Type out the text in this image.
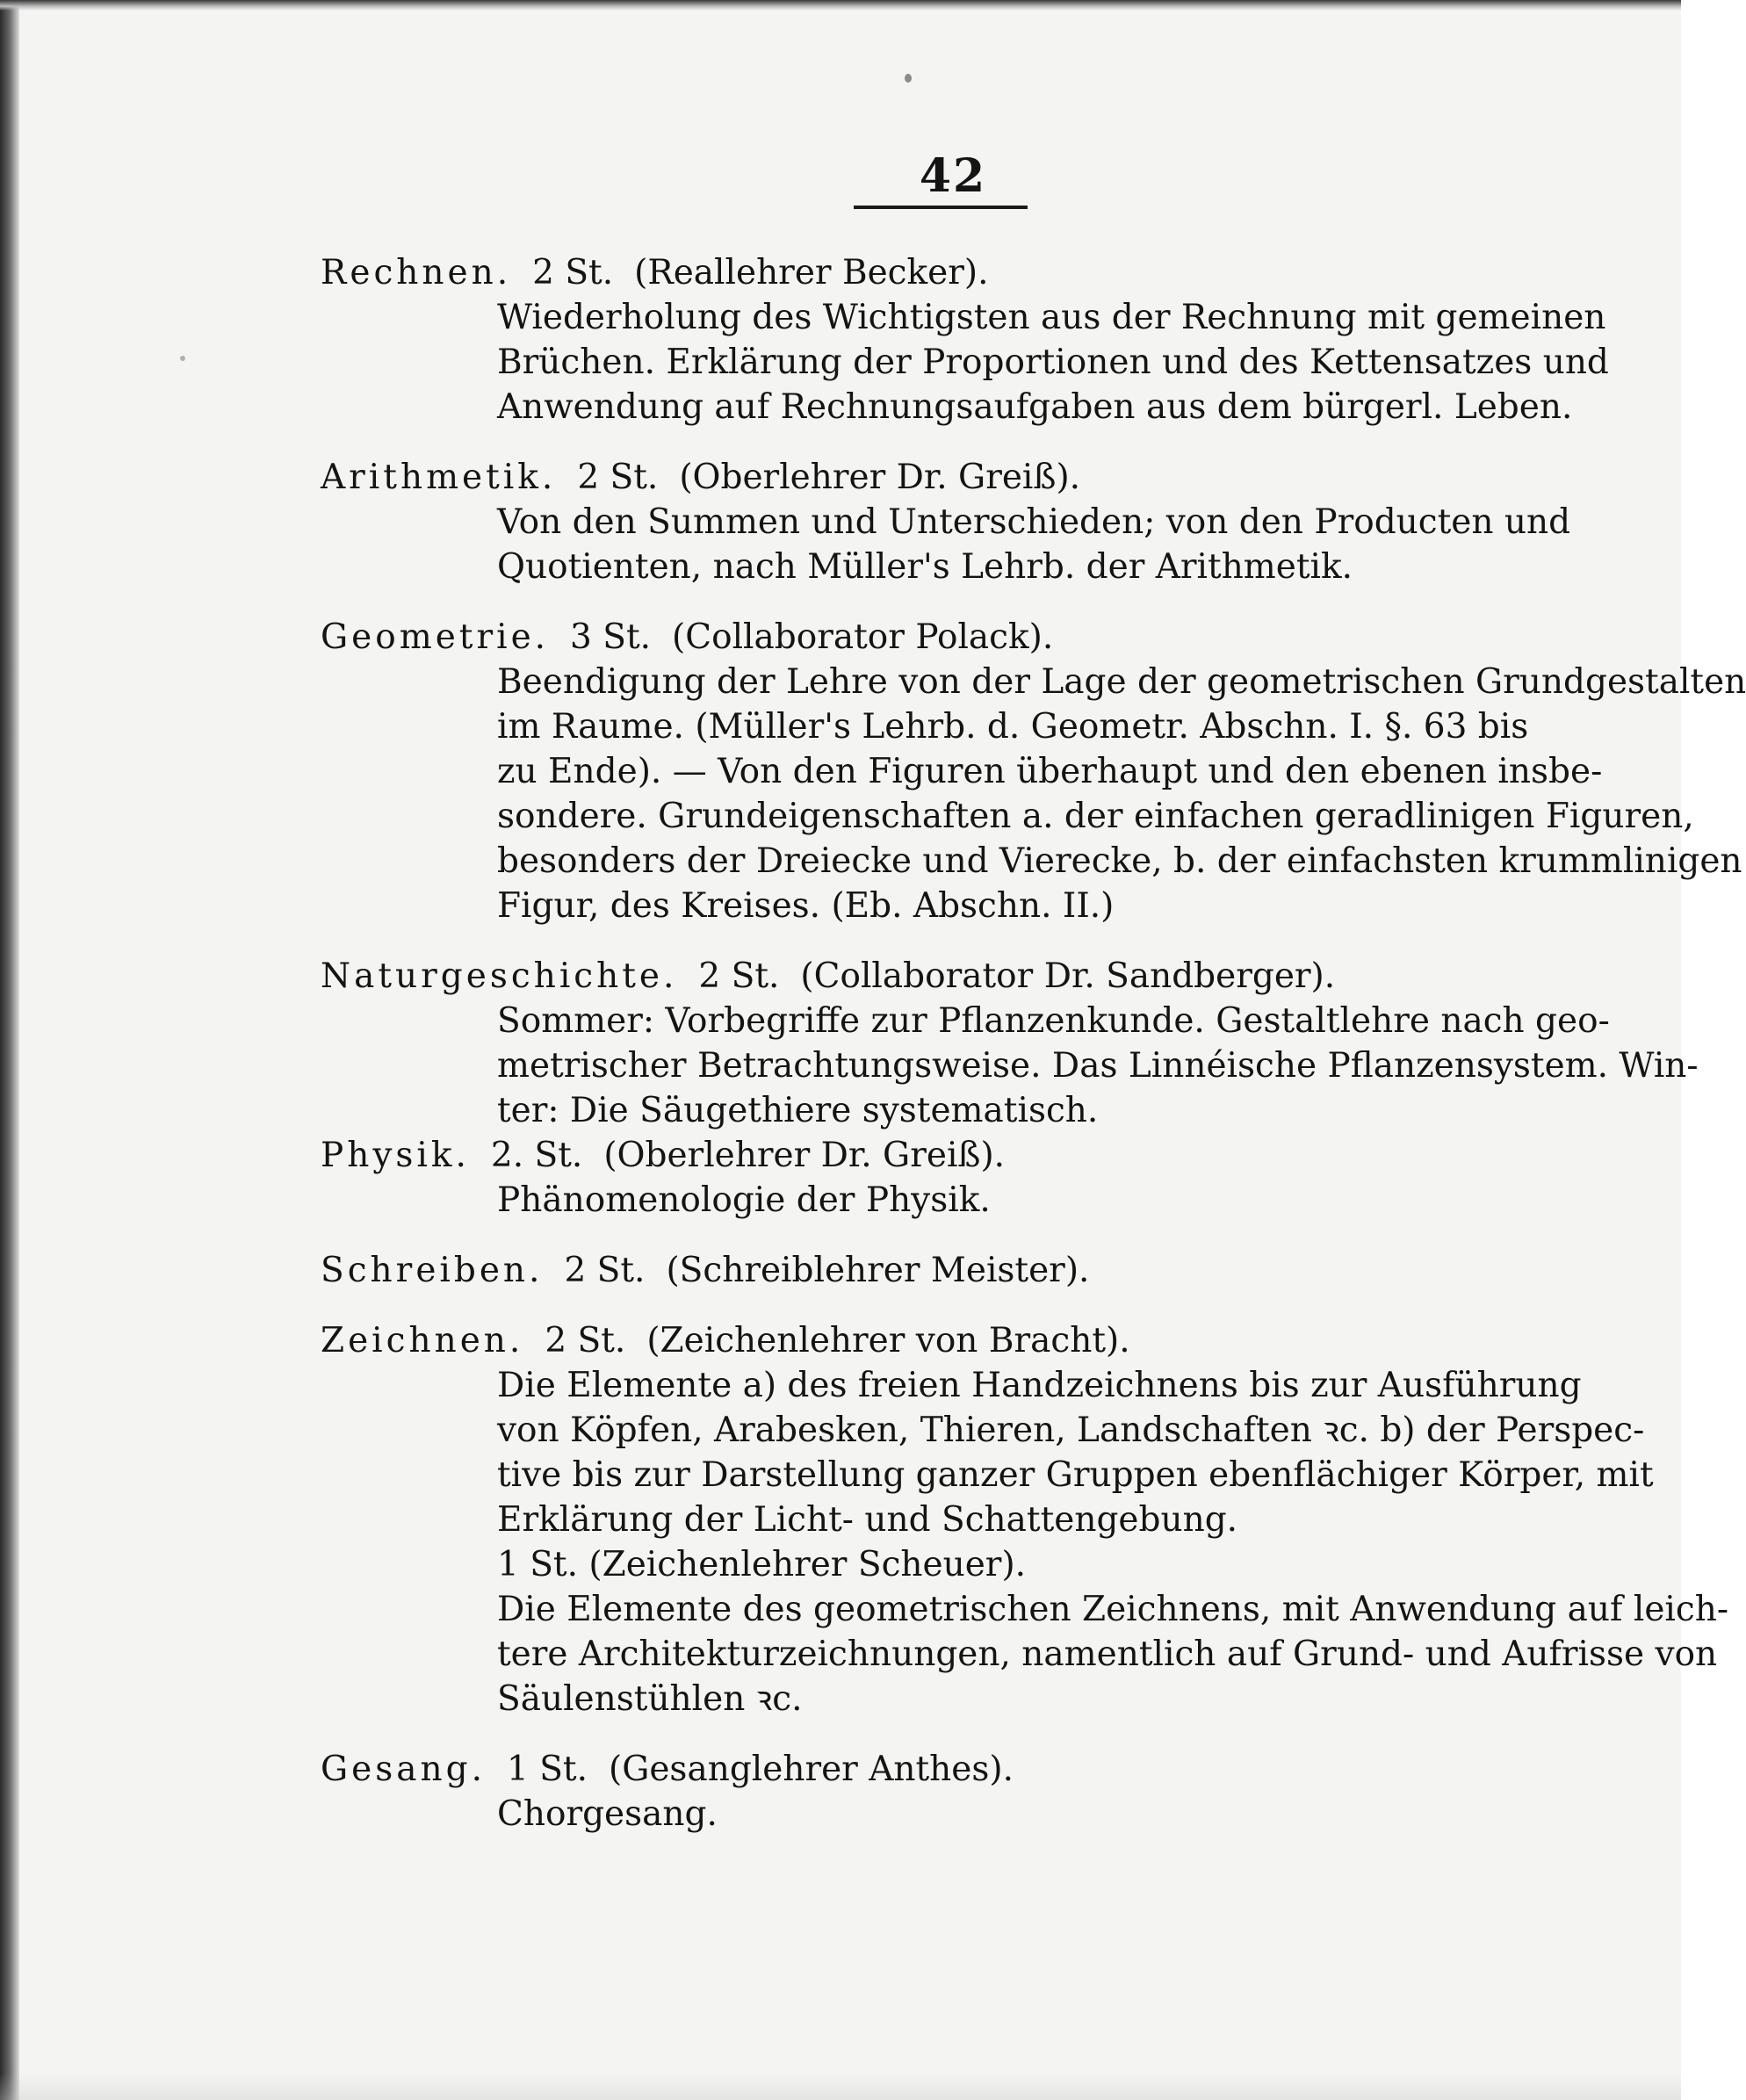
42
Rechnen. 2 St. (Reallehrer Becker).
Wiederholung des Wichtigsten aus der Rechnung mit gemeinen
Brüchen. Erklärung der Proportionen und des Kettensatzes und
Anwendung auf Rechnungsaufgaben aus dem bürgerl. Leben.
Arithmetik. 2 St. (Oberlehrer Dr. Greiß).
Von den Summen und Unterschieden; von den Producten und
Quotienten, nach Müller's Lehrb. der Arithmetik.
Geometrie. 3 St. (Collaborator Polack).
Beendigung der Lehre von der Lage der geometrischen Grundgestalten
im Raume. (Müller's Lehrb. d. Geometr. Abschn. I. §. 63 bis
zu Ende). — Von den Figuren überhaupt und den ebenen insbe-
sondere. Grundeigenschaften a. der einfachen geradlinigen Figuren,
besonders der Dreiecke und Vierecke, b. der einfachsten krummlinigen
Figur, des Kreises. (Eb. Abschn. II.)
Naturgeschichte. 2 St. (Collaborator Dr. Sandberger).
Sommer: Vorbegriffe zur Pflanzenkunde. Gestaltlehre nach geo-
metrischer Betrachtungsweise. Das Linnéische Pflanzensystem. Win-
ter: Die Säugethiere systematisch.
Physik. 2. St. (Oberlehrer Dr. Greiß).
Phänomenologie der Physik.
Schreiben. 2 St. (Schreiblehrer Meister).
Zeichnen. 2 St. (Zeichenlehrer von Bracht).
Die Elemente a) des freien Handzeichnens bis zur Ausführung
von Köpfen, Arabesken, Thieren, Landschaften ꝛc. b) der Perspec-
tive bis zur Darstellung ganzer Gruppen ebenflächiger Körper, mit
Erklärung der Licht- und Schattengebung.
1 St. (Zeichenlehrer Scheuer).
Die Elemente des geometrischen Zeichnens, mit Anwendung auf leich-
tere Architekturzeichnungen, namentlich auf Grund- und Aufrisse von
Säulenstühlen ꝛc.
Gesang. 1 St. (Gesanglehrer Anthes).
Chorgesang.
